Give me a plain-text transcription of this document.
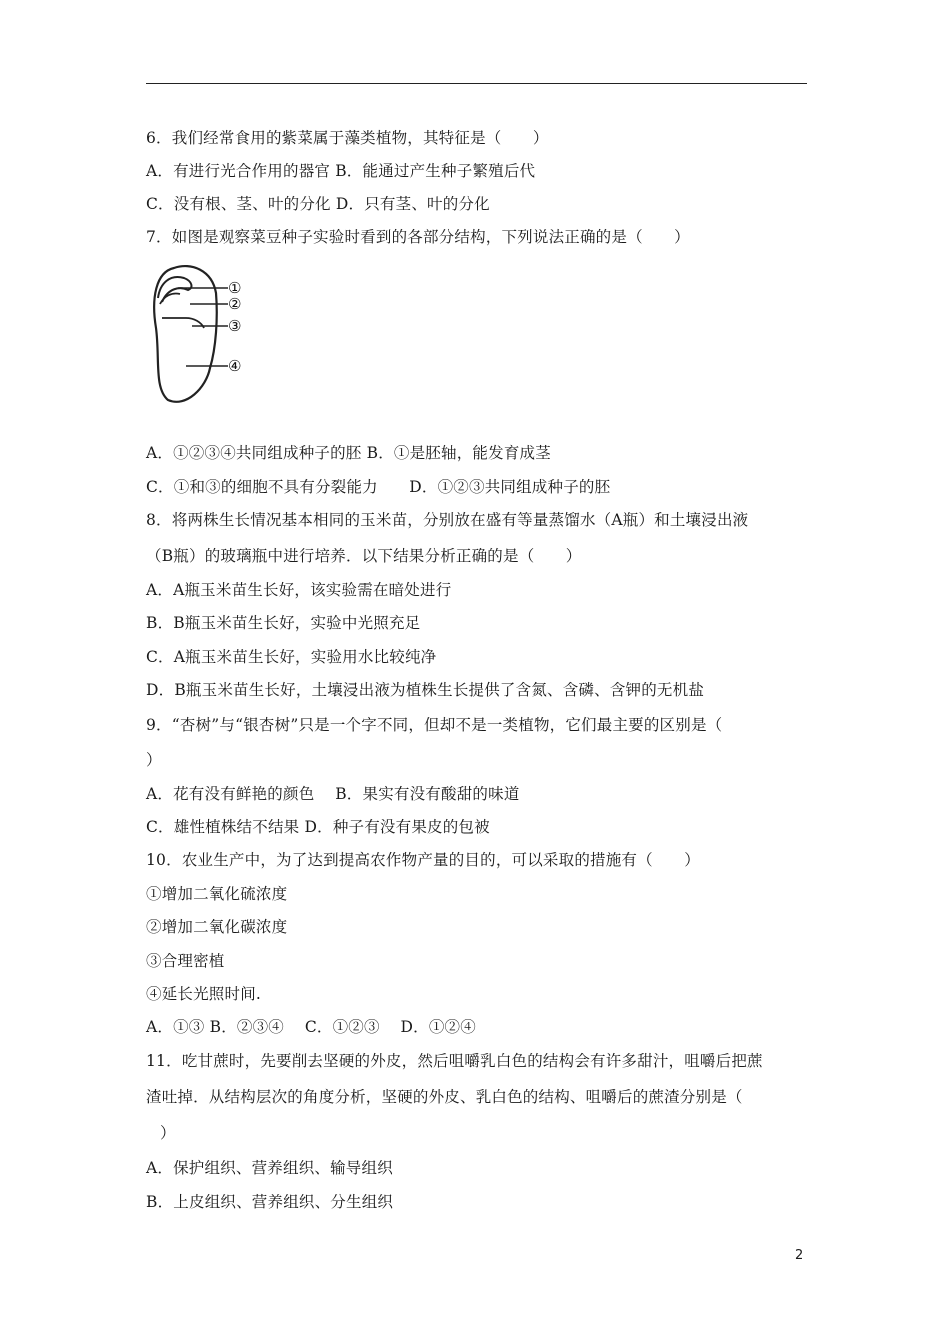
6．我们经常食用的紫菜属于藻类植物，其特征是（　　）
A．有进行光合作用的器官 B．能通过产生种子繁殖后代
C．没有根、茎、叶的分化 D．只有茎、叶的分化
7．如图是观察菜豆种子实验时看到的各部分结构，下列说法正确的是（　　）
①
②
③
④
A．①②③④共同组成种子的胚 B．①是胚轴，能发育成茎
C．①和③的细胞不具有分裂能力　　D．①②③共同组成种子的胚
8．将两株生长情况基本相同的玉米苗，分别放在盛有等量蒸馏水（A瓶）和土壤浸出液
（B瓶）的玻璃瓶中进行培养．以下结果分析正确的是（　　）
A．A瓶玉米苗生长好，该实验需在暗处进行
B．B瓶玉米苗生长好，实验中光照充足
C．A瓶玉米苗生长好，实验用水比较纯净
D．B瓶玉米苗生长好，土壤浸出液为植株生长提供了含氮、含磷、含钾的无机盐
9．“杏树”与“银杏树”只是一个字不同，但却不是一类植物，它们最主要的区别是（
）
A．花有没有鲜艳的颜色　 B．果实有没有酸甜的味道
C．雄性植株结不结果 D．种子有没有果皮的包被
10．农业生产中，为了达到提高农作物产量的目的，可以采取的措施有（　　）
①增加二氧化硫浓度
②增加二氧化碳浓度
③合理密植
④延长光照时间.
A．①③ B．②③④　 C．①②③　 D．①②④
11．吃甘蔗时，先要削去坚硬的外皮，然后咀嚼乳白色的结构会有许多甜汁，咀嚼后把蔗
渣吐掉．从结构层次的角度分析，坚硬的外皮、乳白色的结构、咀嚼后的蔗渣分别是（
）
A．保护组织、营养组织、输导组织
B．上皮组织、营养组织、分生组织
2
